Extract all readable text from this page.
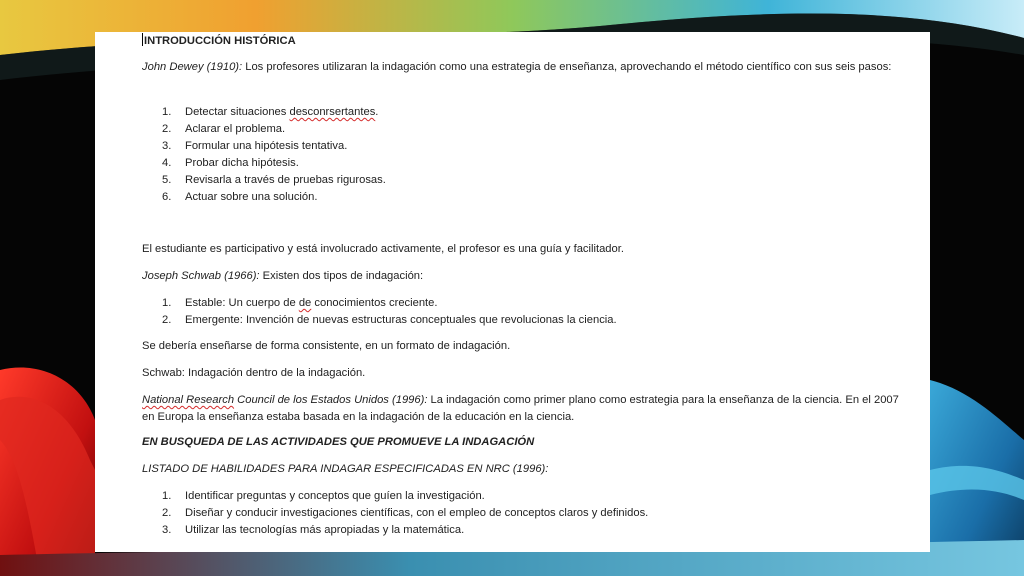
INTRODUCCIÓN HISTÓRICA

John Dewey (1910): Los profesores utilizaran la indagación como una estrategia de enseñanza, aprovechando el método científico con sus seis pasos:

1. Detectar situaciones desconrsertantes.
2. Aclarar el problema.
3. Formular una hipótesis tentativa.
4. Probar dicha hipótesis.
5. Revisarla a través de pruebas rigurosas.
6. Actuar sobre una solución.

El estudiante es participativo y está involucrado activamente, el profesor es una guía y facilitador.

Joseph Schwab (1966): Existen dos tipos de indagación:

1. Estable: Un cuerpo de de conocimientos creciente.
2. Emergente: Invención de nuevas estructuras conceptuales que revolucionas la ciencia.

Se debería enseñarse de forma consistente, en un formato de indagación.

Schwab: Indagación dentro de la indagación.

National Research Council de los Estados Unidos (1996): La indagación como primer plano como estrategia para la enseñanza de la ciencia. En el 2007 en Europa la enseñanza estaba basada en la indagación de la educación en la ciencia.

EN BUSQUEDA DE LAS ACTIVIDADES QUE PROMUEVE LA INDAGACIÓN

LISTADO DE HABILIDADES PARA INDAGAR ESPECIFICADAS EN NRC (1996):

1. Identificar preguntas y conceptos que guíen la investigación.
2. Diseñar y conducir investigaciones científicas, con el empleo de conceptos claros y definidos.
3. Utilizar las tecnologías más apropiadas y la matemática.
